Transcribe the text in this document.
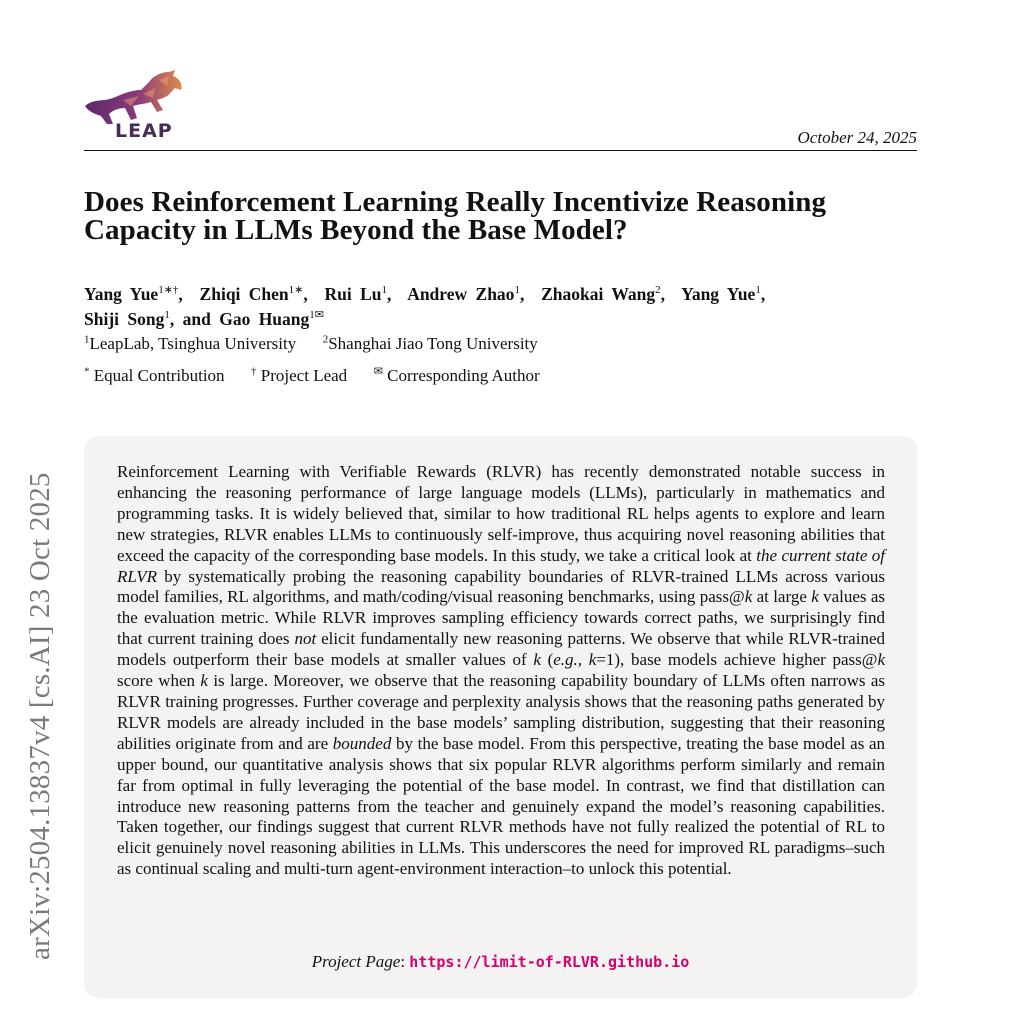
arXiv:2504.13837v4 [cs.AI] 23 Oct 2025
LEAP	October 24, 2025
Does Reinforcement Learning Really Incentivize Reasoning Capacity in LLMs Beyond the Base Model?
Yang Yue$^{1∗\dagger}$,  Zhiqi Chen$^{1∗}$,  Rui Lu$^1$,  Andrew Zhao$^1$,  Zhaokai Wang$^2$,  Yang Yue$^1$,
Shiji Song$^1$, and Gao Huang$^{1✉}$
$^1$LeapLab, Tsinghua University $^2$Shanghai Jiao Tong University
* Equal Contribution † Project Lead ✉ Corresponding Author

Reinforcement Learning with Verifiable Rewards (RLVR) has recently demonstrated notable success in enhancing the reasoning performance of large language models (LLMs), particularly in mathematics and programming tasks. It is widely believed that, similar to how traditional RL helps agents to explore and learn new strategies, RLVR enables LLMs to continuously self-improve, thus acquiring novel reasoning abilities that exceed the capacity of the corresponding base models. In this study, we take a critical look at the current state of RLVR by systematically probing the reasoning capability boundaries of RLVR-trained LLMs across various model families, RL algorithms, and math/coding/visual reasoning benchmarks, using pass@k at large k values as the evaluation metric. While RLVR improves sampling efficiency towards correct paths, we surprisingly find that current training does not elicit fundamentally new reasoning patterns. We observe that while RLVR-trained models outperform their base models at smaller values of k (e.g., k=1), base models achieve higher pass@k score when k is large. Moreover, we observe that the reasoning capability boundary of LLMs often narrows as RLVR training progresses. Further coverage and perplexity analysis shows that the reasoning paths generated by RLVR models are already included in the base models’ sampling distribution, suggesting that their reasoning abilities originate from and are bounded by the base model. From this perspective, treating the base model as an upper bound, our quantitative analysis shows that six popular RLVR algorithms perform similarly and remain far from optimal in fully leveraging the potential of the base model. In contrast, we find that distillation can introduce new reasoning patterns from the teacher and genuinely expand the model’s reasoning capabilities. Taken together, our findings suggest that current RLVR methods have not fully realized the potential of RL to elicit genuinely novel reasoning abilities in LLMs. This underscores the need for improved RL paradigms–such as continual scaling and multi-turn agent-environment interaction–to unlock this potential.

Project Page: https://limit-of-RLVR.github.io
